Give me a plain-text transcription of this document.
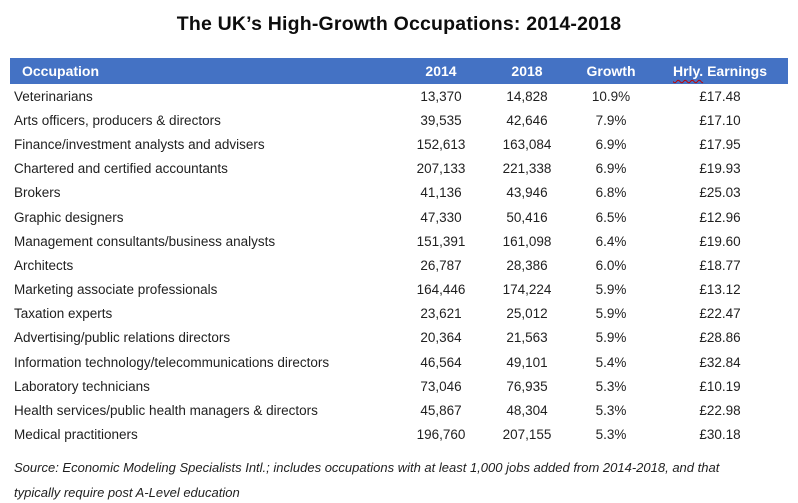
The UK’s High-Growth Occupations: 2014-2018
Occupation	2014	2018	Growth	Hrly. Earnings
Veterinarians	13,370	14,828	10.9%	£17.48
Arts officers, producers & directors	39,535	42,646	7.9%	£17.10
Finance/investment analysts and advisers	152,613	163,084	6.9%	£17.95
Chartered and certified accountants	207,133	221,338	6.9%	£19.93
Brokers	41,136	43,946	6.8%	£25.03
Graphic designers	47,330	50,416	6.5%	£12.96
Management consultants/business analysts	151,391	161,098	6.4%	£19.60
Architects	26,787	28,386	6.0%	£18.77
Marketing associate professionals	164,446	174,224	5.9%	£13.12
Taxation experts	23,621	25,012	5.9%	£22.47
Advertising/public relations directors	20,364	21,563	5.9%	£28.86
Information technology/telecommunications directors	46,564	49,101	5.4%	£32.84
Laboratory technicians	73,046	76,935	5.3%	£10.19
Health services/public health managers & directors	45,867	48,304	5.3%	£22.98
Medical practitioners	196,760	207,155	5.3%	£30.18
Source: Economic Modeling Specialists Intl.; includes occupations with at least 1,000 jobs added from 2014-2018, and that
typically require post A-Level education
